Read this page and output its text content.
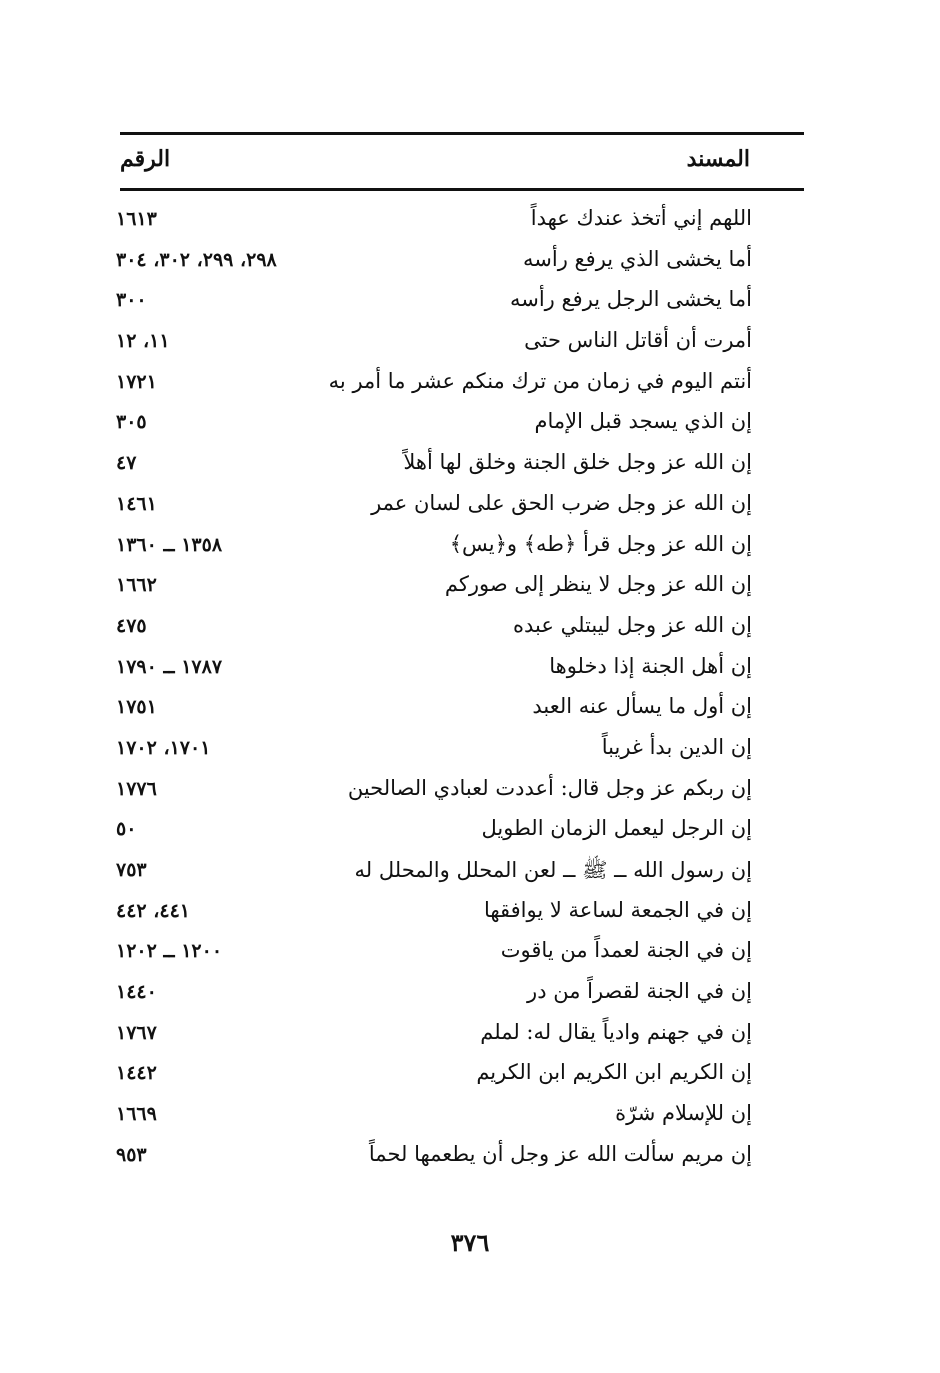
المسند
الرقم
اللهم إني أتخذ عندك عهداً
١٦١٣
أما يخشى الذي يرفع رأسه
٢٩٨، ٢٩٩، ٣٠٢، ٣٠٤
أما يخشى الرجل يرفع رأسه
٣٠٠
أمرت أن أقاتل الناس حتى
١١، ١٢
أنتم اليوم في زمان من ترك منكم عشر ما أمر به
١٧٢١
إن الذي يسجد قبل الإمام
٣٠٥
إن الله عز وجل خلق الجنة وخلق لها أهلاً
٤٧
إن الله عز وجل ضرب الحق على لسان عمر
١٤٦١
إن الله عز وجل قرأ ﴿طه﴾ و﴿يس﴾
١٣٥٨ ــ ١٣٦٠
إن الله عز وجل لا ينظر إلى صوركم
١٦٦٢
إن الله عز وجل ليبتلي عبده
٤٧٥
إن أهل الجنة إذا دخلوها
١٧٨٧ ــ ١٧٩٠
إن أول ما يسأل عنه العبد
١٧٥١
إن الدين بدأ غريباً
١٧٠١، ١٧٠٢
إن ربكم عز وجل قال: أعددت لعبادي الصالحين
١٧٧٦
إن الرجل ليعمل الزمان الطويل
٥٠
إن رسول الله ــ ﷺ ــ لعن المحلل والمحلل له
٧٥٣
إن في الجمعة لساعة لا يوافقها
٤٤١، ٤٤٢
إن في الجنة لعمداً من ياقوت
١٢٠٠ ــ ١٢٠٢
إن في الجنة لقصراً من در
١٤٤٠
إن في جهنم وادياً يقال له: لملم
١٧٦٧
إن الكريم ابن الكريم ابن الكريم
١٤٤٢
إن للإسلام شرّة
١٦٦٩
إن مريم سألت الله عز وجل أن يطعمها لحماً
٩٥٣
٣٧٦
